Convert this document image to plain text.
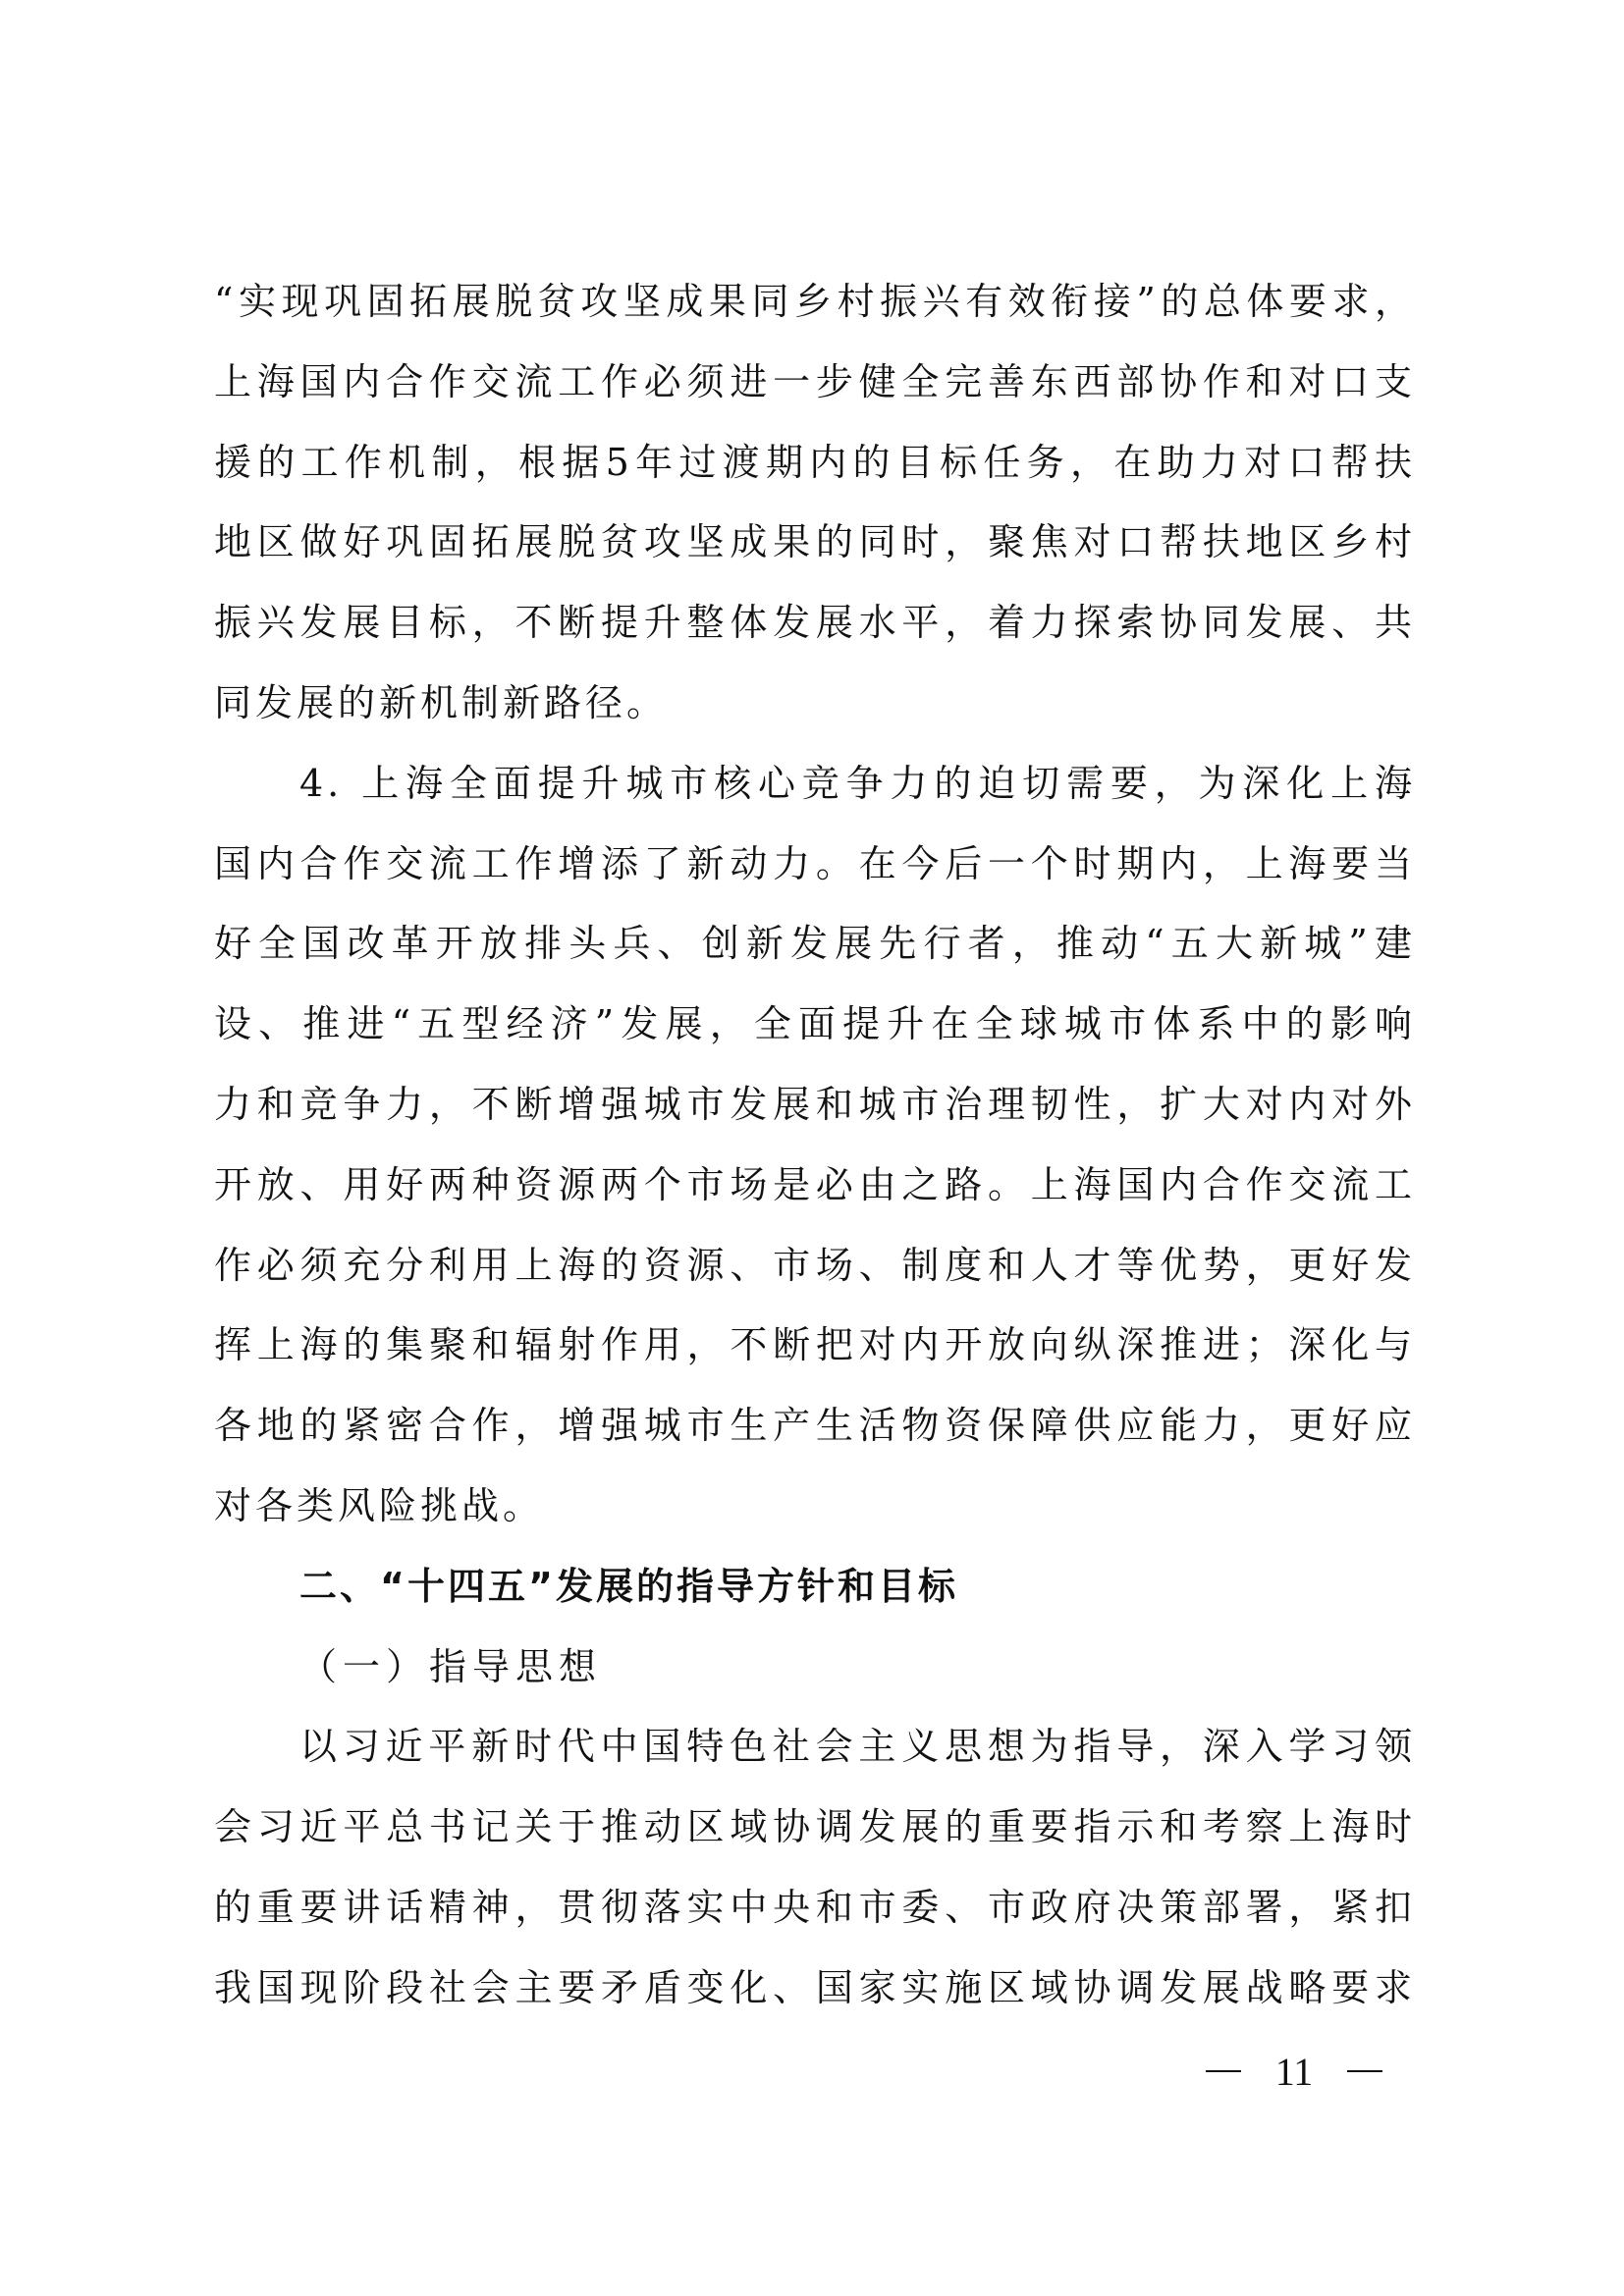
“实现巩固拓展脱贫攻坚成果同乡村振兴有效衔接”的总体要求，
上海国内合作交流工作必须进一步健全完善东西部协作和对口支
援的工作机制，根据5年过渡期内的目标任务，在助力对口帮扶
地区做好巩固拓展脱贫攻坚成果的同时，聚焦对口帮扶地区乡村
振兴发展目标，不断提升整体发展水平，着力探索协同发展、共
同发展的新机制新路径。
4. 上海全面提升城市核心竞争力的迫切需要，为深化上海
国内合作交流工作增添了新动力。在今后一个时期内，上海要当
好全国改革开放排头兵、创新发展先行者，推动“五大新城”建
设、推进“五型经济”发展，全面提升在全球城市体系中的影响
力和竞争力，不断增强城市发展和城市治理韧性，扩大对内对外
开放、用好两种资源两个市场是必由之路。上海国内合作交流工
作必须充分利用上海的资源、市场、制度和人才等优势，更好发
挥上海的集聚和辐射作用，不断把对内开放向纵深推进；深化与
各地的紧密合作，增强城市生产生活物资保障供应能力，更好应
对各类风险挑战。
二、“十四五”发展的指导方针和目标
（一）指导思想
以习近平新时代中国特色社会主义思想为指导，深入学习领
会习近平总书记关于推动区域协调发展的重要指示和考察上海时
的重要讲话精神，贯彻落实中央和市委、市政府决策部署，紧扣
我国现阶段社会主要矛盾变化、国家实施区域协调发展战略要求
11
